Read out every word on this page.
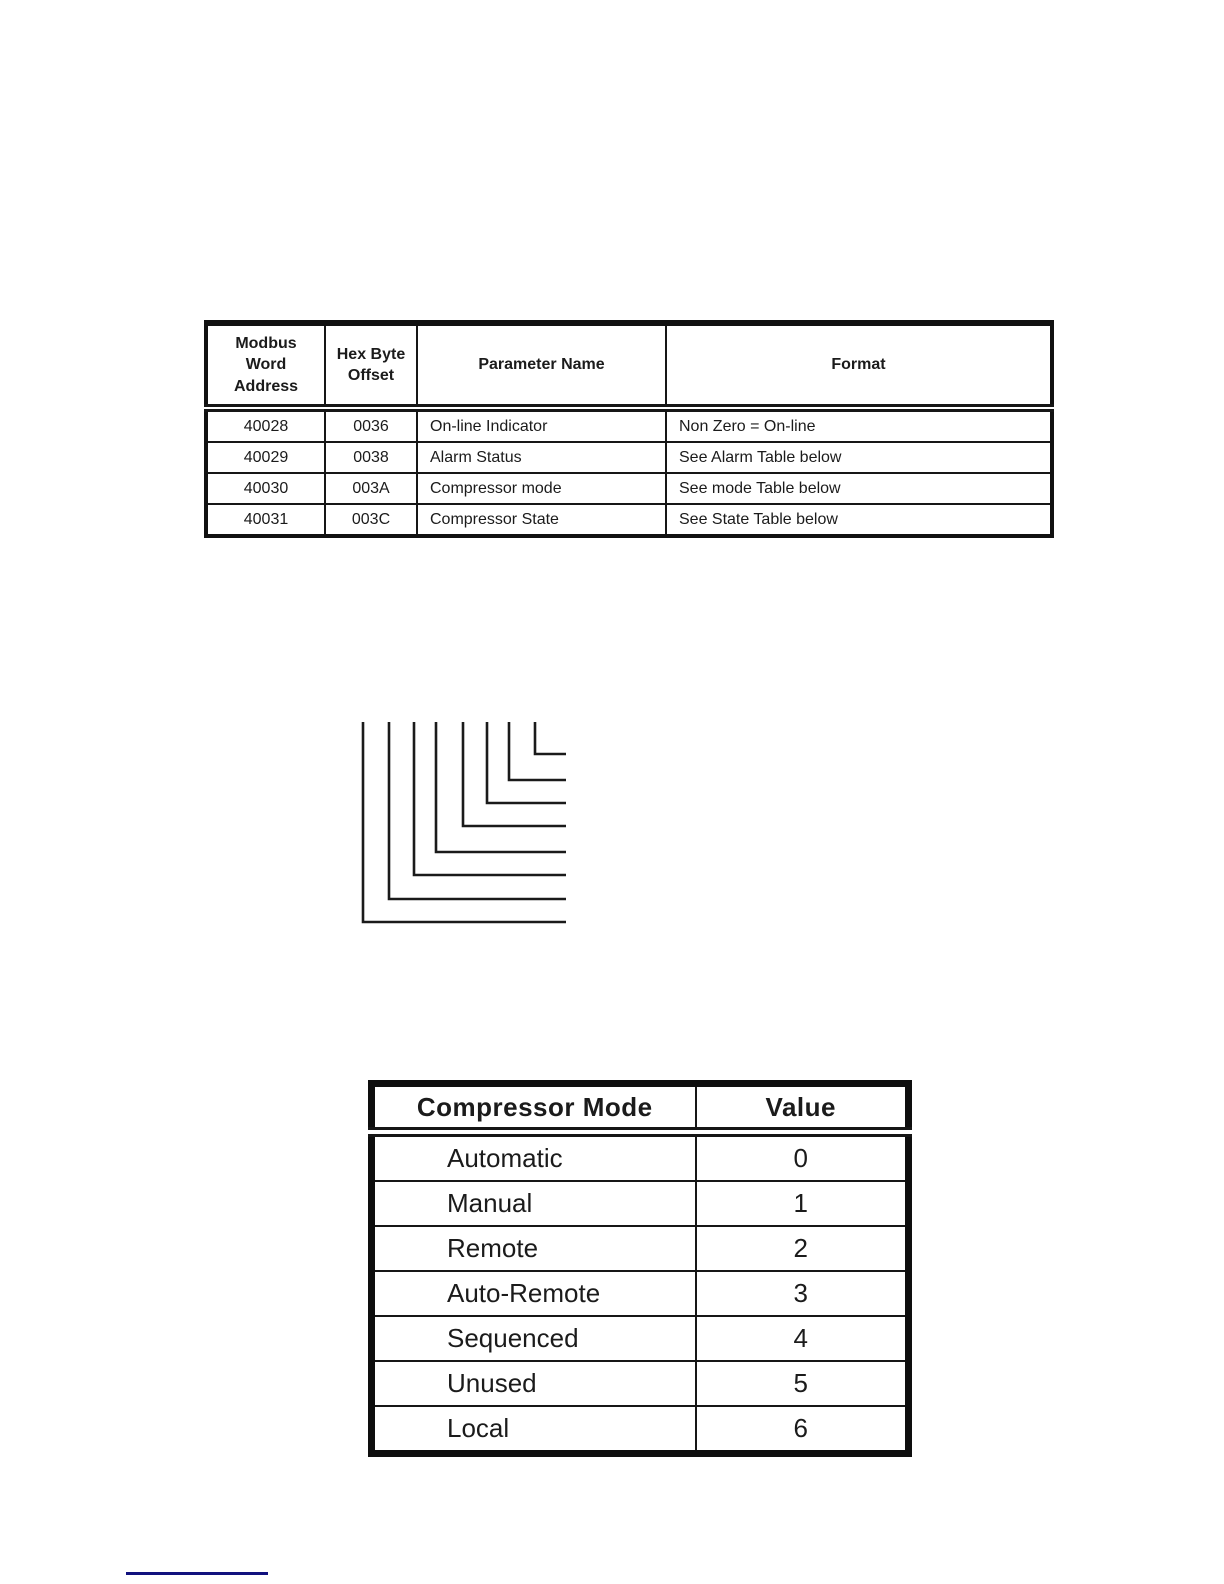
Modbus Word Address	Hex Byte Offset	Parameter Name	Format
40028	0036	On-line Indicator	Non Zero = On-line
40029	0038	Alarm Status	See Alarm Table below
40030	003A	Compressor mode	See mode Table below
40031	003C	Compressor State	See State Table below
Compressor Mode	Value
Automatic	0
Manual	1
Remote	2
Auto-Remote	3
Sequenced	4
Unused	5
Local	6
